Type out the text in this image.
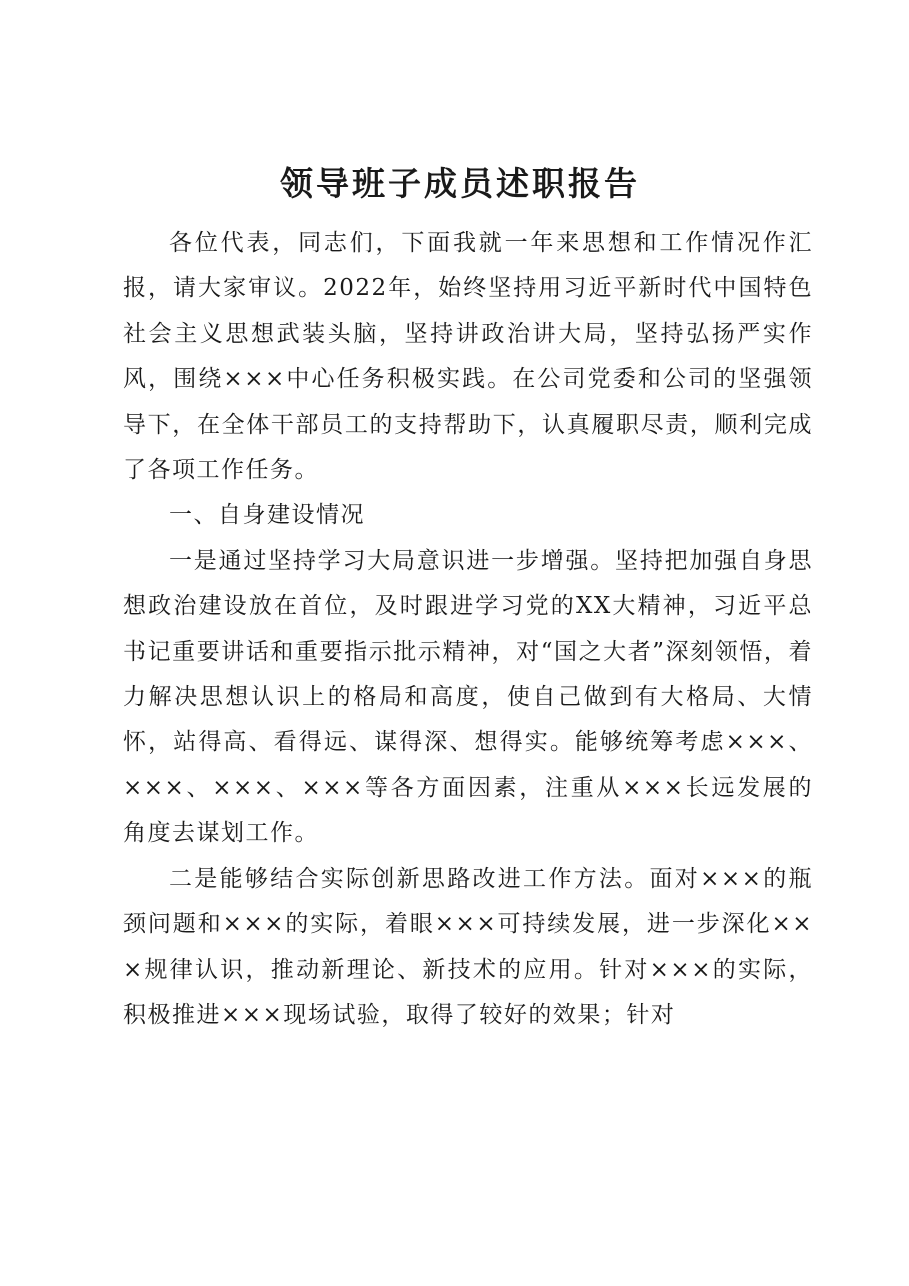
领导班子成员述职报告

各位代表，同志们，下面我就一年来思想和工作情况作汇报，请大家审议。2022年，始终坚持用习近平新时代中国特色社会主义思想武装头脑，坚持讲政治讲大局，坚持弘扬严实作风，围绕×××中心任务积极实践。在公司党委和公司的坚强领导下，在全体干部员工的支持帮助下，认真履职尽责，顺利完成了各项工作任务。

一、自身建设情况

一是通过坚持学习大局意识进一步增强。坚持把加强自身思想政治建设放在首位，及时跟进学习党的XX大精神，习近平总书记重要讲话和重要指示批示精神，对“国之大者”深刻领悟，着力解决思想认识上的格局和高度，使自己做到有大格局、大情怀，站得高、看得远、谋得深、想得实。能够统筹考虑×××、×××、×××、×××等各方面因素，注重从×××长远发展的角度去谋划工作。

二是能够结合实际创新思路改进工作方法。面对×××的瓶颈问题和×××的实际，着眼×××可持续发展，进一步深化×××规律认识，推动新理论、新技术的应用。针对×××的实际，积极推进×××现场试验，取得了较好的效果；针对
